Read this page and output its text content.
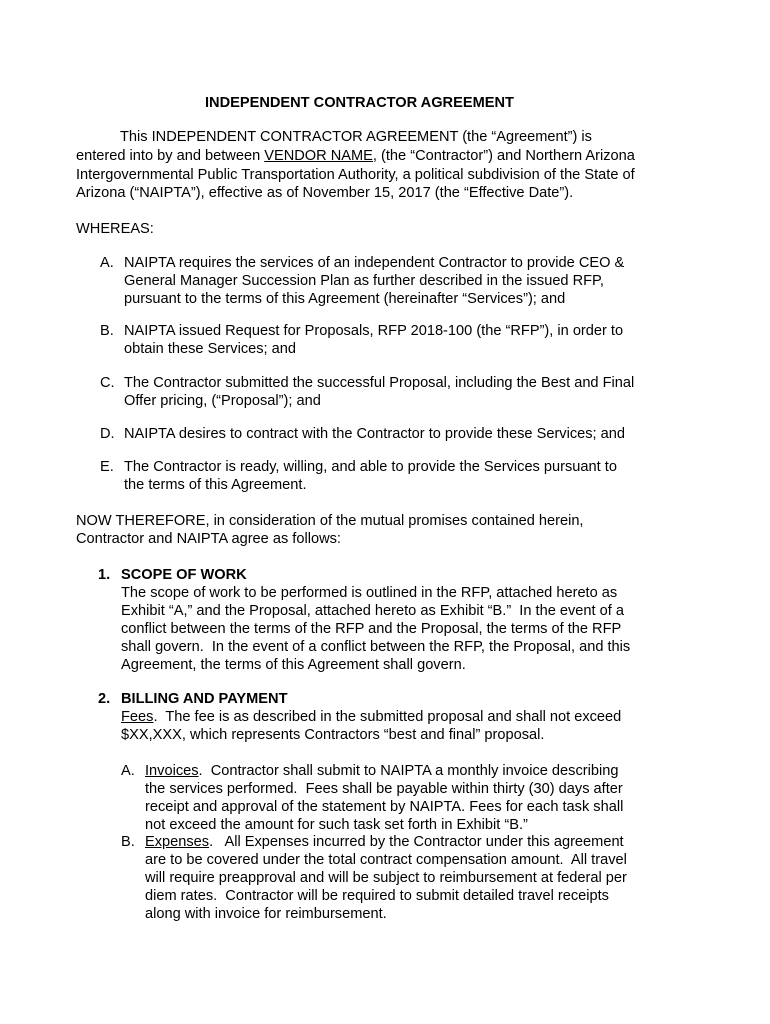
INDEPENDENT CONTRACTOR AGREEMENT
This INDEPENDENT CONTRACTOR AGREEMENT (the “Agreement”) is
entered into by and between VENDOR NAME, (the “Contractor”) and Northern Arizona
Intergovernmental Public Transportation Authority, a political subdivision of the State of
Arizona (“NAIPTA”), effective as of November 15, 2017 (the “Effective Date”).
WHEREAS:
A. NAIPTA requires the services of an independent Contractor to provide CEO &
General Manager Succession Plan as further described in the issued RFP,
pursuant to the terms of this Agreement (hereinafter “Services”); and
B. NAIPTA issued Request for Proposals, RFP 2018-100 (the “RFP”), in order to
obtain these Services; and
C. The Contractor submitted the successful Proposal, including the Best and Final
Offer pricing, (“Proposal”); and
D. NAIPTA desires to contract with the Contractor to provide these Services; and
E. The Contractor is ready, willing, and able to provide the Services pursuant to
the terms of this Agreement.
NOW THEREFORE, in consideration of the mutual promises contained herein,
Contractor and NAIPTA agree as follows:
1. SCOPE OF WORK
The scope of work to be performed is outlined in the RFP, attached hereto as
Exhibit “A,” and the Proposal, attached hereto as Exhibit “B.”  In the event of a
conflict between the terms of the RFP and the Proposal, the terms of the RFP
shall govern.  In the event of a conflict between the RFP, the Proposal, and this
Agreement, the terms of this Agreement shall govern.
2. BILLING AND PAYMENT
Fees.  The fee is as described in the submitted proposal and shall not exceed
$XX,XXX, which represents Contractors “best and final” proposal.
A. Invoices.  Contractor shall submit to NAIPTA a monthly invoice describing
the services performed.  Fees shall be payable within thirty (30) days after
receipt and approval of the statement by NAIPTA. Fees for each task shall
not exceed the amount for such task set forth in Exhibit “B.”
B. Expenses.   All Expenses incurred by the Contractor under this agreement
are to be covered under the total contract compensation amount.  All travel
will require preapproval and will be subject to reimbursement at federal per
diem rates.  Contractor will be required to submit detailed travel receipts
along with invoice for reimbursement.
